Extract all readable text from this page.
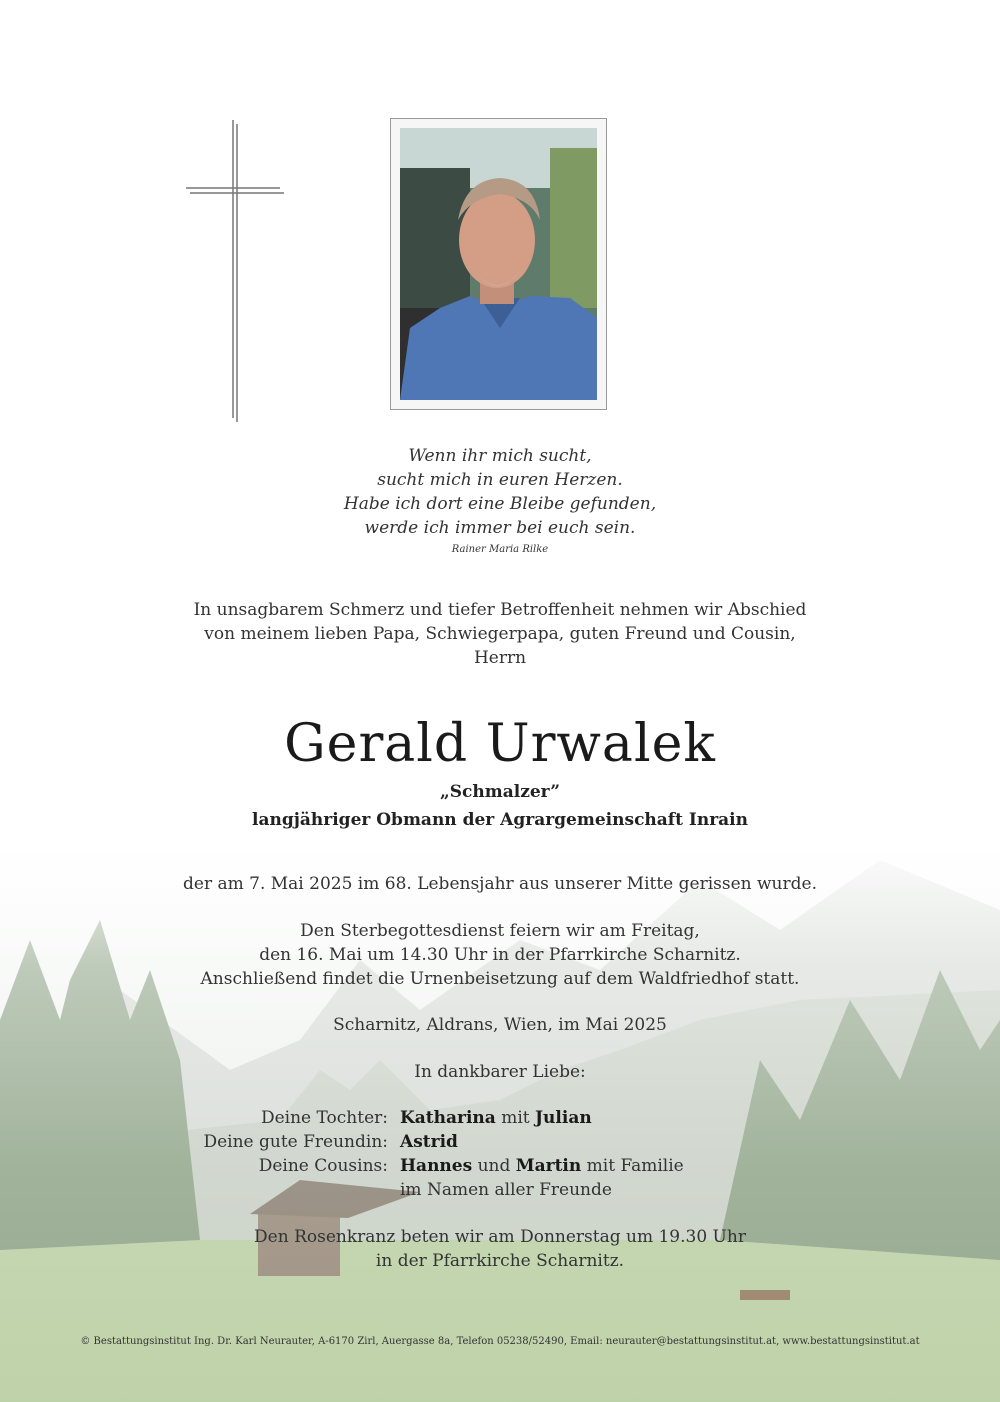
Wenn ihr mich sucht,
sucht mich in euren Herzen.
Habe ich dort eine Bleibe gefunden,
werde ich immer bei euch sein.
Rainer Maria Rilke
In unsagbarem Schmerz und tiefer Betroffenheit nehmen wir Abschied
von meinem lieben Papa, Schwiegerpapa, guten Freund und Cousin,
Herrn
Gerald Urwalek
„Schmalzer”
langjähriger Obmann der Agrargemeinschaft Inrain
der am 7. Mai 2025 im 68. Lebensjahr aus unserer Mitte gerissen wurde.
Den Sterbegottesdienst feiern wir am Freitag,
den 16. Mai um 14.30 Uhr in der Pfarrkirche Scharnitz.
Anschließend findet die Urnenbeisetzung auf dem Waldfriedhof statt.
Scharnitz, Aldrans, Wien, im Mai 2025
In dankbarer Liebe:
Deine Tochter: Katharina mit Julian
Deine gute Freundin: Astrid
Deine Cousins: Hannes und Martin mit Familie
im Namen aller Freunde
Den Rosenkranz beten wir am Donnerstag um 19.30 Uhr
in der Pfarrkirche Scharnitz.
© Bestattungsinstitut Ing. Dr. Karl Neurauter, A-6170 Zirl, Auergasse 8a, Telefon 05238/52490, Email: neurauter@bestattungsinstitut.at, www.bestattungsinstitut.at
